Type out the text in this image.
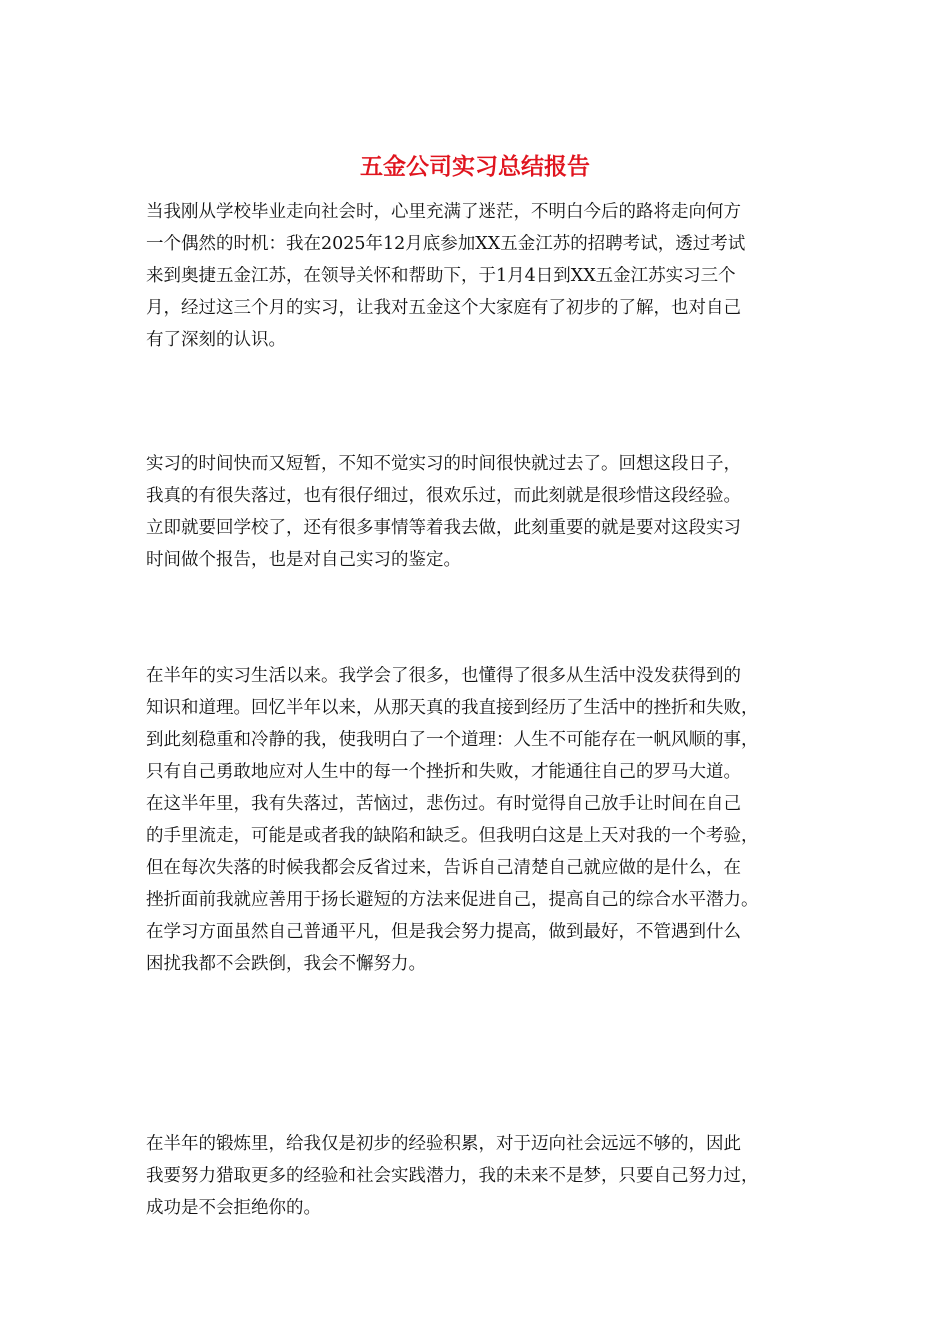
五金公司实习总结报告
当我刚从学校毕业走向社会时，心里充满了迷茫，不明白今后的路将走向何方
一个偶然的时机：我在2025年12月底参加XX五金江苏的招聘考试，透过考试
来到奥捷五金江苏，在领导关怀和帮助下，于1月4日到XX五金江苏实习三个
月，经过这三个月的实习，让我对五金这个大家庭有了初步的了解，也对自己
有了深刻的认识。
实习的时间快而又短暂，不知不觉实习的时间很快就过去了。回想这段日子，
我真的有很失落过，也有很仔细过，很欢乐过，而此刻就是很珍惜这段经验。
立即就要回学校了，还有很多事情等着我去做，此刻重要的就是要对这段实习
时间做个报告，也是对自己实习的鉴定。
在半年的实习生活以来。我学会了很多，也懂得了很多从生活中没发获得到的
知识和道理。回忆半年以来，从那天真的我直接到经历了生活中的挫折和失败，
到此刻稳重和冷静的我，使我明白了一个道理：人生不可能存在一帆风顺的事，
只有自己勇敢地应对人生中的每一个挫折和失败，才能通往自己的罗马大道。
在这半年里，我有失落过，苦恼过，悲伤过。有时觉得自己放手让时间在自己
的手里流走，可能是或者我的缺陷和缺乏。但我明白这是上天对我的一个考验，
但在每次失落的时候我都会反省过来，告诉自己清楚自己就应做的是什么，在
挫折面前我就应善用于扬长避短的方法来促进自己，提高自己的综合水平潜力。
在学习方面虽然自己普通平凡，但是我会努力提高，做到最好，不管遇到什么
困扰我都不会跌倒，我会不懈努力。
在半年的锻炼里，给我仅是初步的经验积累，对于迈向社会远远不够的，因此
我要努力猎取更多的经验和社会实践潜力，我的未来不是梦，只要自己努力过，
成功是不会拒绝你的。
